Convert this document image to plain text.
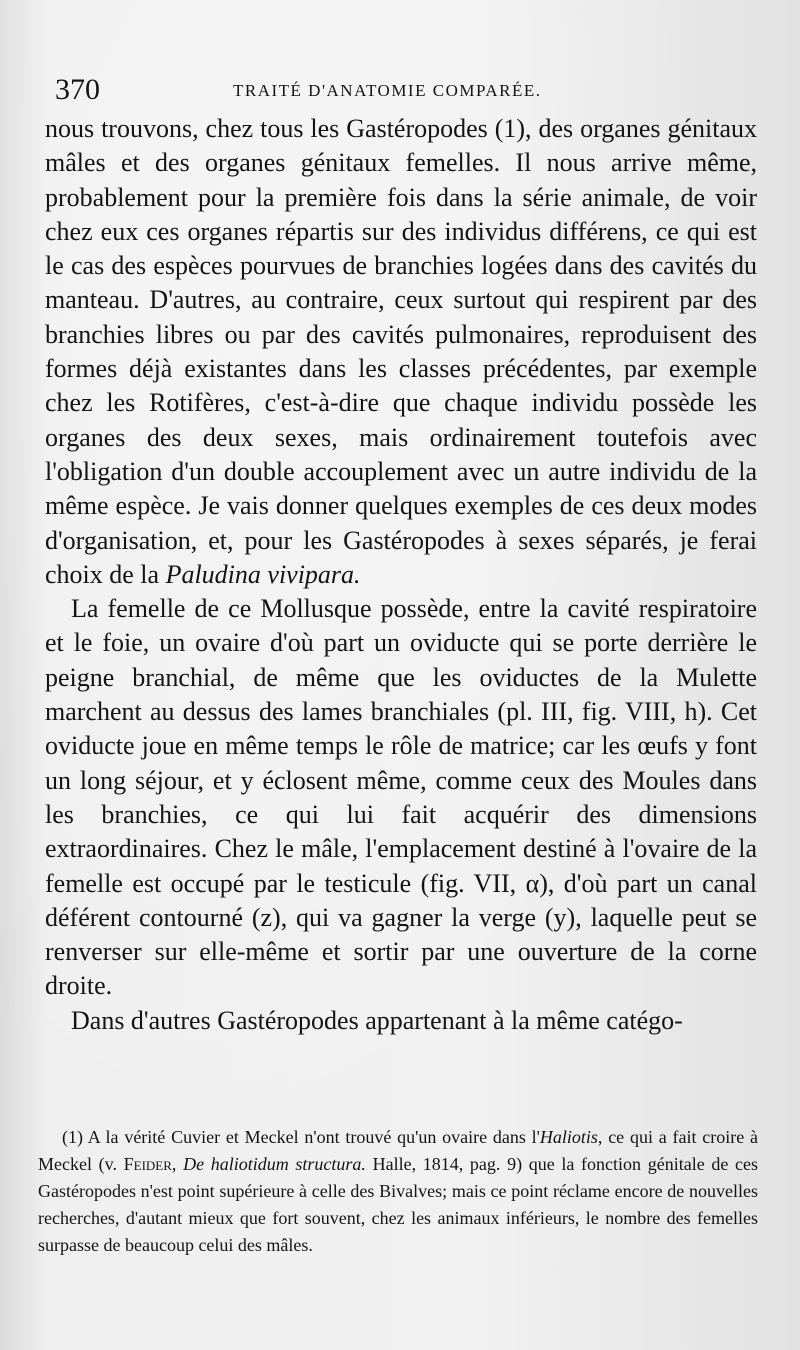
370	TRAITÉ D'ANATOMIE COMPARÉE.

nous trouvons, chez tous les Gastéropodes (1), des organes génitaux mâles et des organes génitaux femelles. Il nous arrive même, probablement pour la première fois dans la série animale, de voir chez eux ces organes répartis sur des individus différens, ce qui est le cas des espèces pourvues de branchies logées dans des cavités du manteau. D'autres, au contraire, ceux surtout qui respirent par des branchies libres ou par des cavités pulmonaires, reproduisent des formes déjà existantes dans les classes précédentes, par exemple chez les Rotifères, c'est-à-dire que chaque individu possède les organes des deux sexes, mais ordinairement toutefois avec l'obligation d'un double accouplement avec un autre individu de la même espèce. Je vais donner quelques exemples de ces deux modes d'organisation, et, pour les Gastéropodes à sexes séparés, je ferai choix de la Paludina vivipara.

La femelle de ce Mollusque possède, entre la cavité respiratoire et le foie, un ovaire d'où part un oviducte qui se porte derrière le peigne branchial, de même que les oviductes de la Mulette marchent au dessus des lames branchiales (pl. III, fig. VIII, h). Cet oviducte joue en même temps le rôle de matrice; car les œufs y font un long séjour, et y éclosent même, comme ceux des Moules dans les branchies, ce qui lui fait acquérir des dimensions extraordinaires. Chez le mâle, l'emplacement destiné à l'ovaire de la femelle est occupé par le testicule (fig. VII, α), d'où part un canal déférent contourné (z), qui va gagner la verge (y), laquelle peut se renverser sur elle-même et sortir par une ouverture de la corne droite.

Dans d'autres Gastéropodes appartenant à la même catégo-

(1) A la vérité Cuvier et Meckel n'ont trouvé qu'un ovaire dans l'Haliotis, ce qui a fait croire à Meckel (v. Feider, De haliotidum structura. Halle, 1814, pag. 9) que la fonction génitale de ces Gastéropodes n'est point supérieure à celle des Bivalves; mais ce point réclame encore de nouvelles recherches, d'autant mieux que fort souvent, chez les animaux inférieurs, le nombre des femelles surpasse de beaucoup celui des mâles.
